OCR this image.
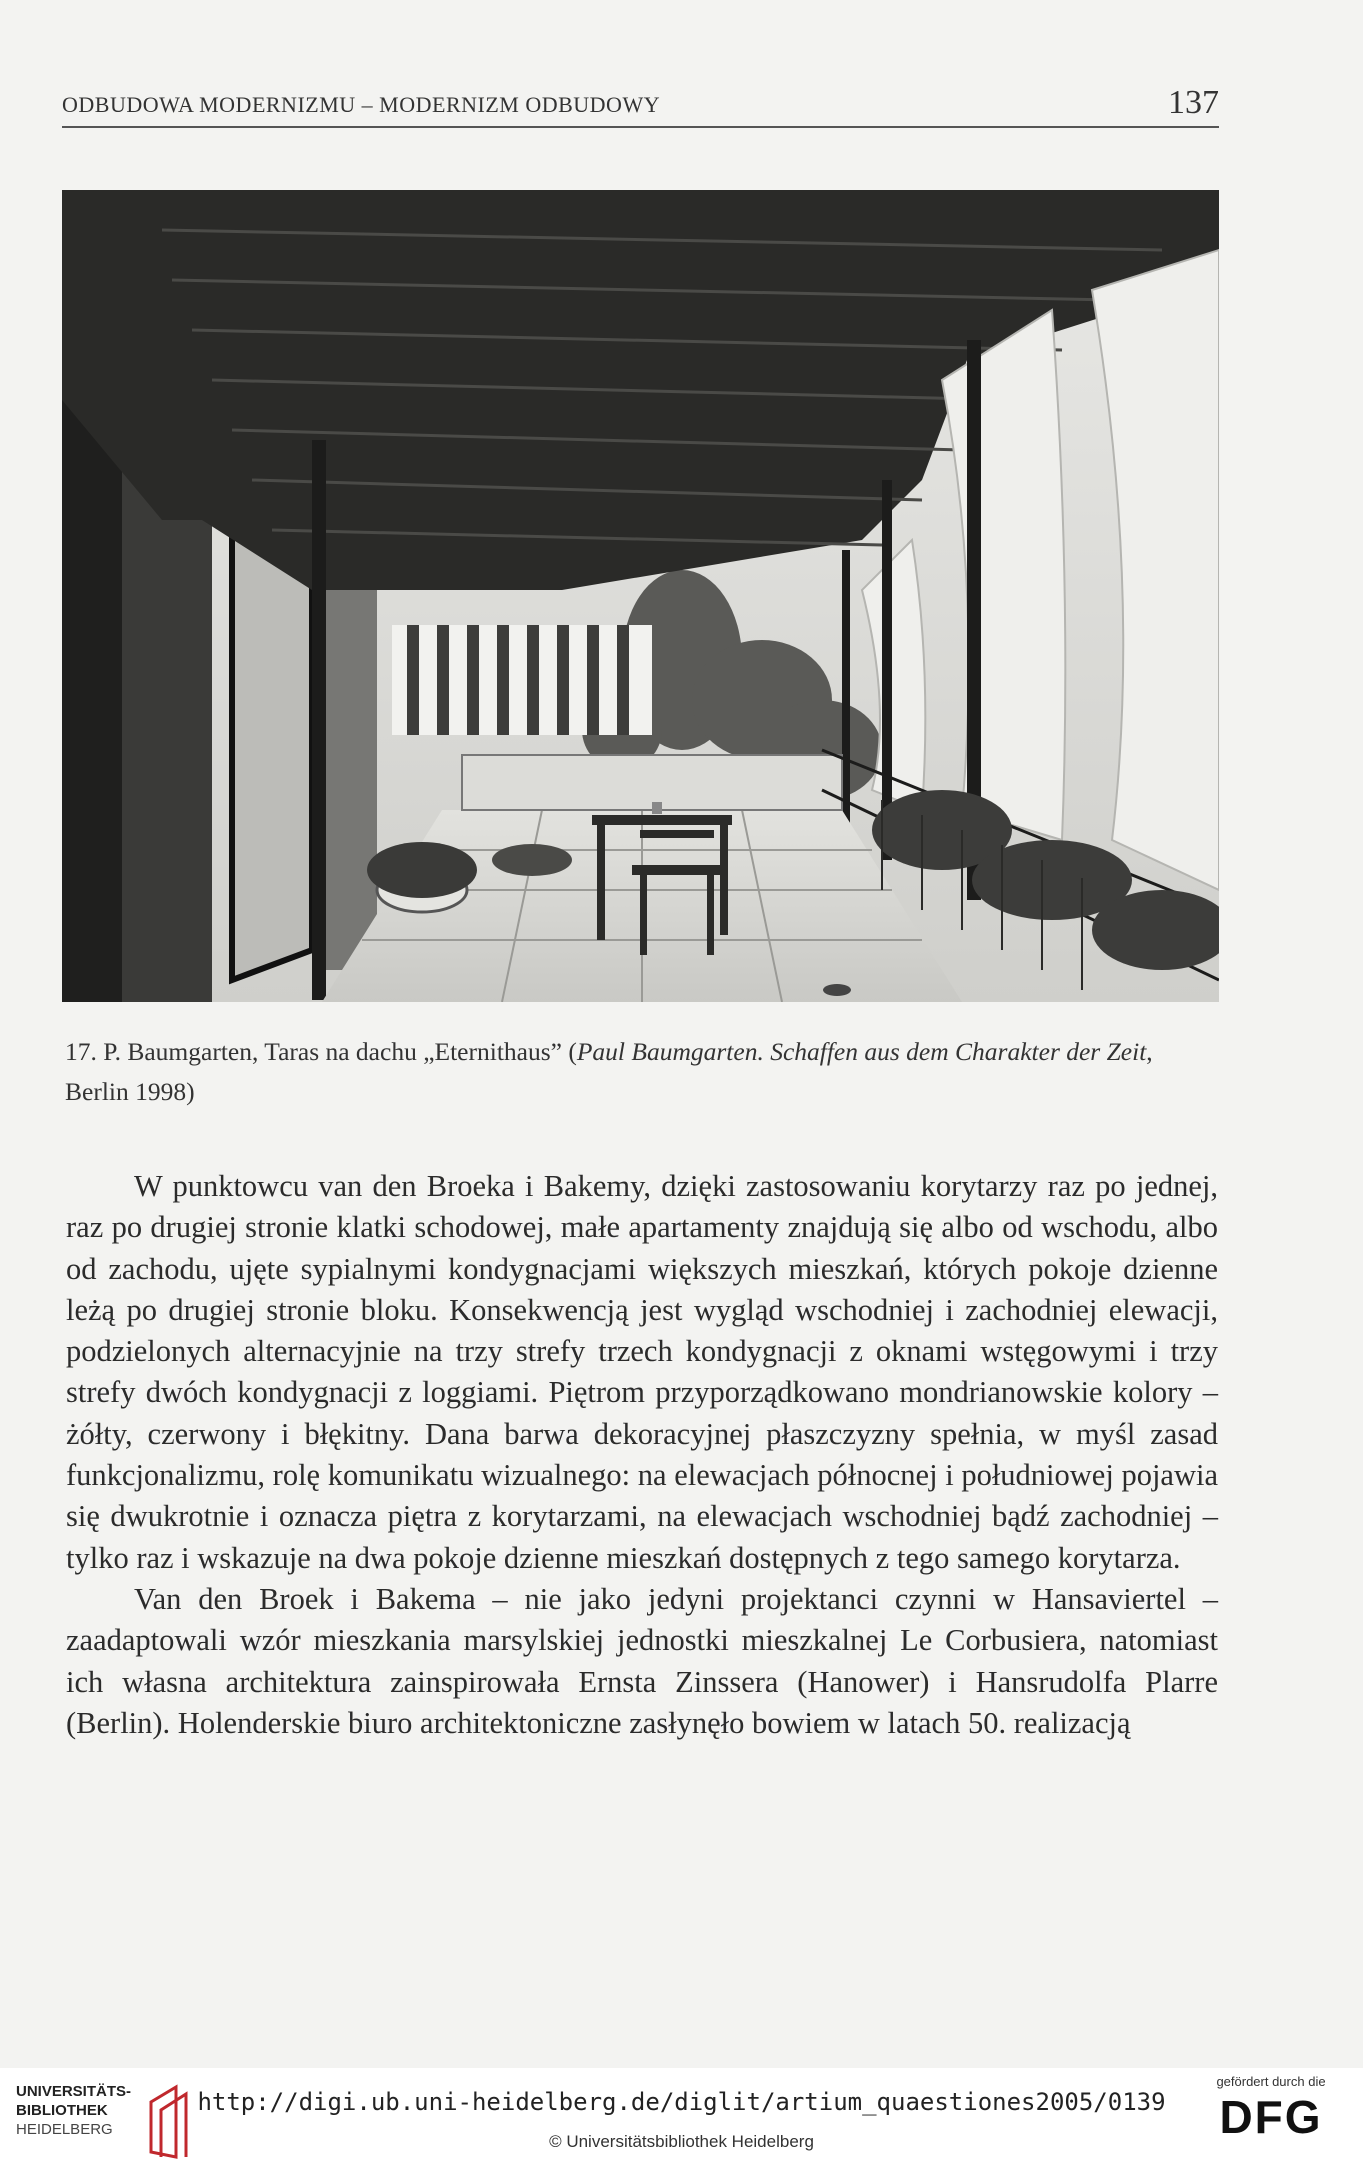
ODBUDOWA MODERNIZMU – MODERNIZM ODBUDOWY	137
17. P. Baumgarten, Taras na dachu „Eternithaus” (Paul Baumgarten. Schaffen aus dem Charakter der Zeit, Berlin 1998)

W punktowcu van den Broeka i Bakemy, dzięki zastosowaniu korytarzy raz po jednej, raz po drugiej stronie klatki schodowej, małe apartamenty znajdują się albo od wschodu, albo od zachodu, ujęte sypialnymi kondygnacjami większych mieszkań, których pokoje dzienne leżą po drugiej stronie bloku. Konsekwencją jest wygląd wschodniej i zachodniej elewacji, podzielonych alternacyjnie na trzy strefy trzech kondygnacji z oknami wstęgowymi i trzy strefy dwóch kondygnacji z loggiami. Piętrom przyporządkowano mondrianowskie kolory – żółty, czerwony i błękitny. Dana barwa dekoracyjnej płaszczyzny spełnia, w myśl zasad funkcjonalizmu, rolę komunikatu wizualnego: na elewacjach północnej i południowej pojawia się dwukrotnie i oznacza piętra z korytarzami, na elewacjach wschodniej bądź zachodniej – tylko raz i wskazuje na dwa pokoje dzienne mieszkań dostępnych z tego samego korytarza.

Van den Broek i Bakema – nie jako jedyni projektanci czynni w Hansaviertel – zaadaptowali wzór mieszkania marsylskiej jednostki mieszkalnej Le Corbusiera, natomiast ich własna architektura zainspirowała Ernsta Zinssera (Hanower) i Hansrudolfa Plarre (Berlin). Holenderskie biuro architektoniczne zasłynęło bowiem w latach 50. realizacją

UNIVERSITÄTS-
BIBLIOTHEK
HEIDELBERG
http://digi.ub.uni-heidelberg.de/diglit/artium_quaestiones2005/0139
© Universitätsbibliothek Heidelberg
gefördert durch die
DFG
